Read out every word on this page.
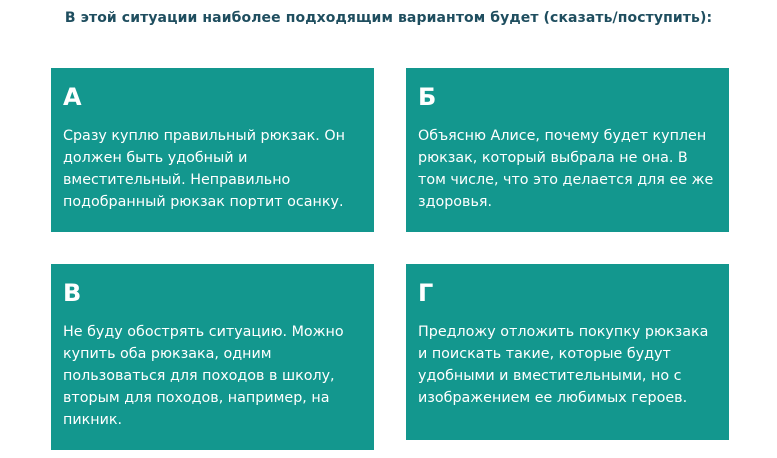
В этой ситуации наиболее подходящим вариантом будет (сказать/поступить):
А

Сразу куплю правильный рюкзак. Он должен быть удобный и вместительный. Неправильно подобранный рюкзак портит осанку.

Б

Объясню Алисе, почему будет куплен рюкзак, который выбрала не она. В том числе, что это делается для ее же здоровья.

В

Не буду обострять ситуацию. Можно купить оба рюкзака, одним пользоваться для походов в школу, вторым для походов, например, на пикник.

Г

Предложу отложить покупку рюкзака и поискать такие, которые будут удобными и вместительными, но с изображением ее любимых героев.
